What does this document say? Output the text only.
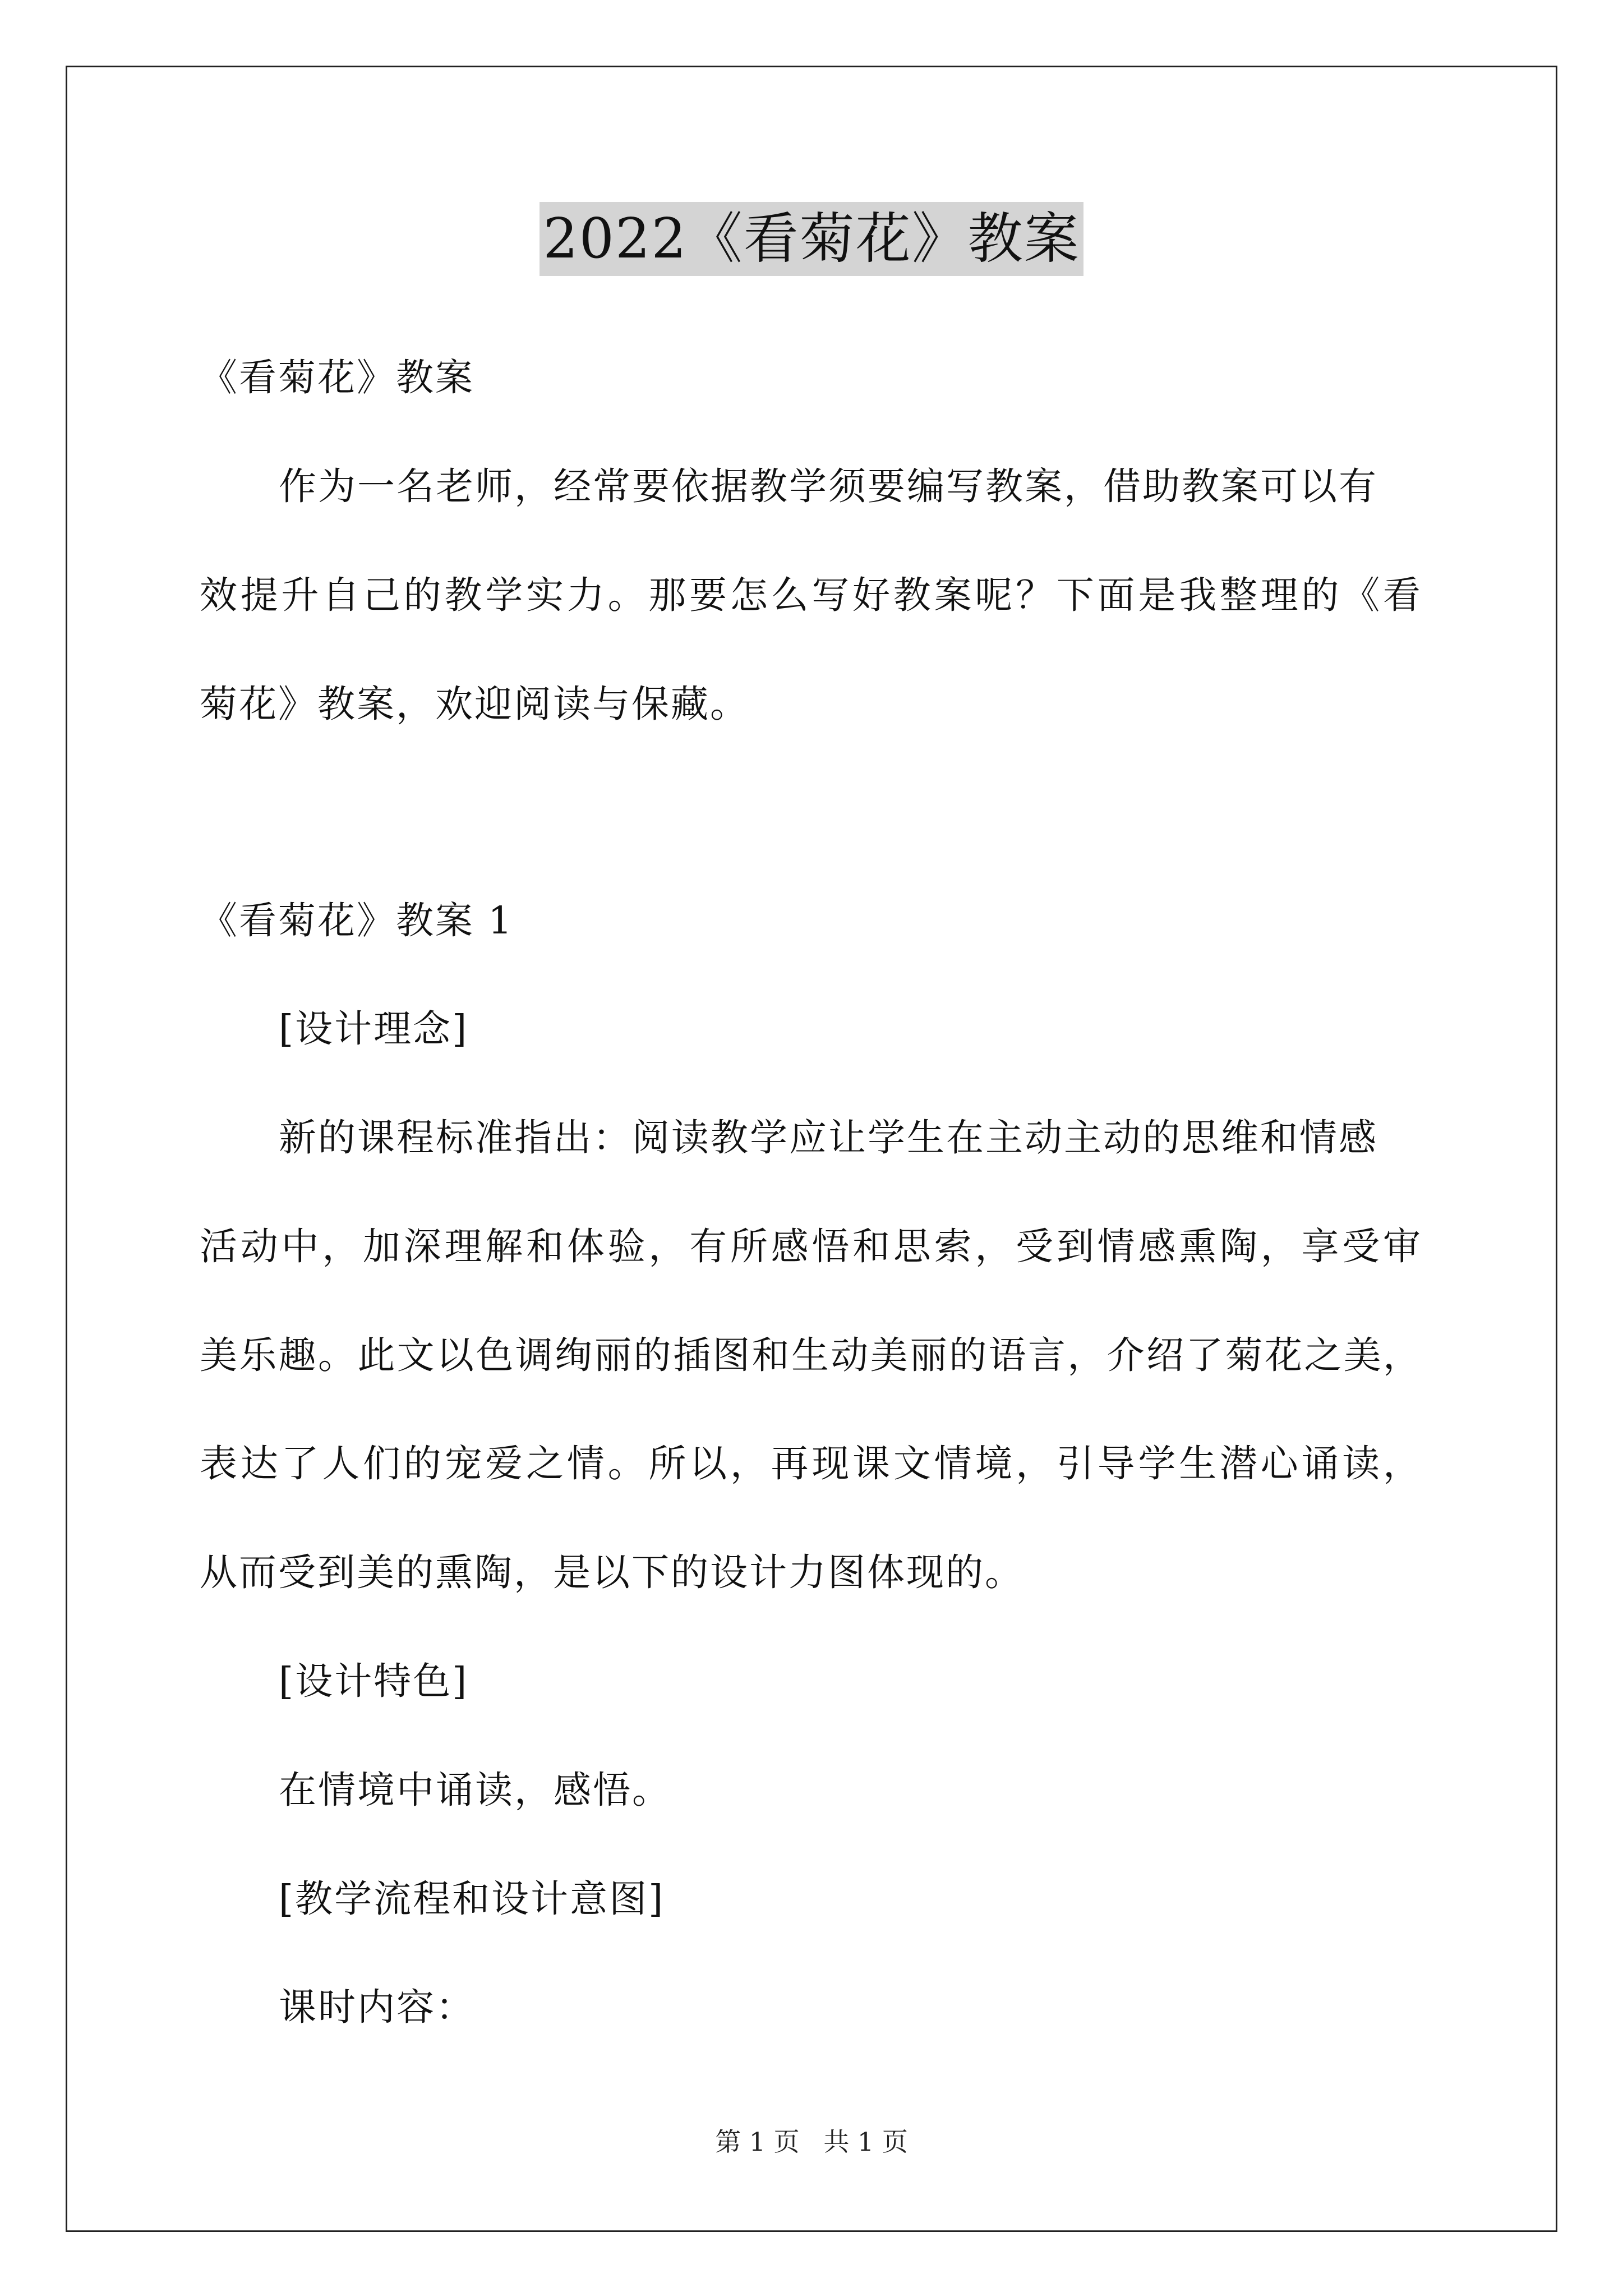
2022《看菊花》教案
《看菊花》教案
作为一名老师，经常要依据教学须要编写教案，借助教案可以有
效提升自己的教学实力。那要怎么写好教案呢？下面是我整理的《看
菊花》教案，欢迎阅读与保藏。
《看菊花》教案 1
[设计理念]
新的课程标准指出：阅读教学应让学生在主动主动的思维和情感
活动中，加深理解和体验，有所感悟和思索，受到情感熏陶，享受审
美乐趣。此文以色调绚丽的插图和生动美丽的语言，介绍了菊花之美，
表达了人们的宠爱之情。所以，再现课文情境，引导学生潜心诵读，
从而受到美的熏陶，是以下的设计力图体现的。
[设计特色]
在情境中诵读，感悟。
[教学流程和设计意图]
课时内容：
第 1 页 共 1 页
